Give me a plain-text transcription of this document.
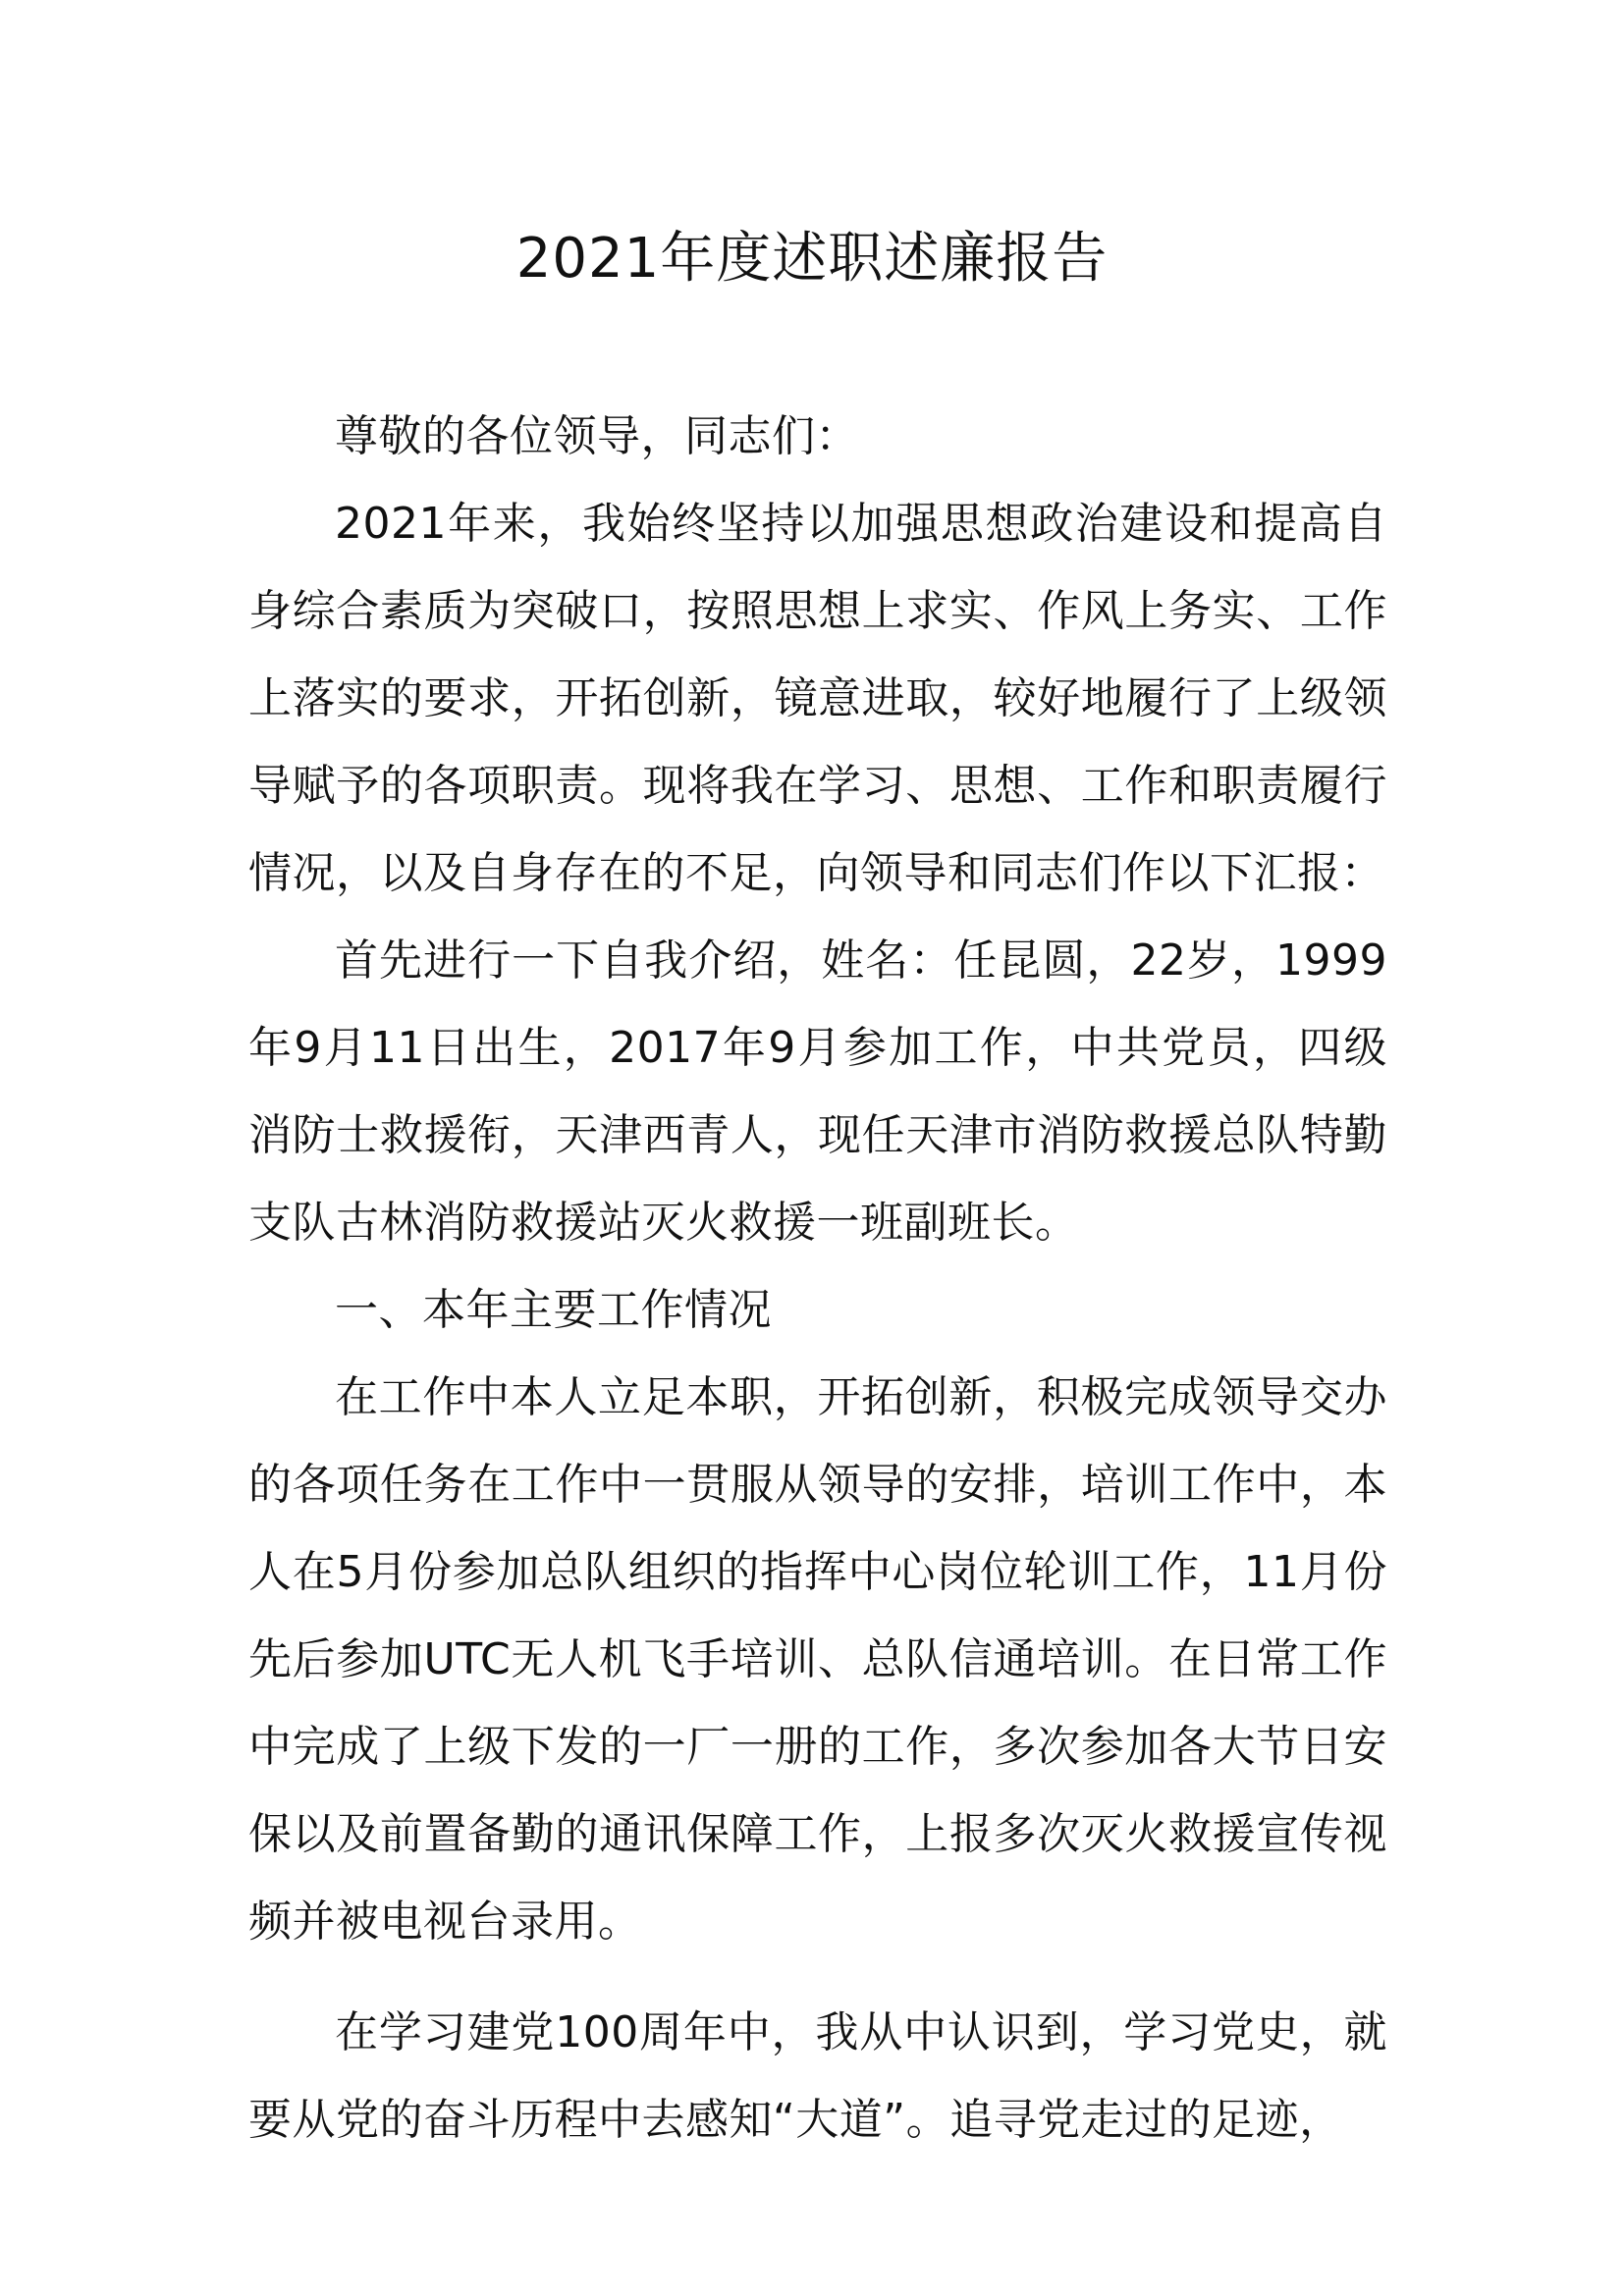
2021年度述职述廉报告

尊敬的各位领导，同志们：

2021年来，我始终坚持以加强思想政治建设和提高自身综合素质为突破口，按照思想上求实、作风上务实、工作上落实的要求，开拓创新，镜意进取，较好地履行了上级领导赋予的各项职责。现将我在学习、思想、工作和职责履行情况，以及自身存在的不足，向领导和同志们作以下汇报：

首先进行一下自我介绍，姓名：任昆圆，22岁，1999年9月11日出生，2017年9月参加工作，中共党员，四级消防士救援衔，天津西青人，现任天津市消防救援总队特勤支队古林消防救援站灭火救援一班副班长。

一、本年主要工作情况

在工作中本人立足本职，开拓创新，积极完成领导交办的各项任务在工作中一贯服从领导的安排，培训工作中，本人在5月份参加总队组织的指挥中心岗位轮训工作，11月份先后参加UTC无人机飞手培训、总队信通培训。在日常工作中完成了上级下发的一厂一册的工作，多次参加各大节日安保以及前置备勤的通讯保障工作，上报多次灭火救援宣传视频并被电视台录用。

在学习建党100周年中，我从中认识到，学习党史，就要从党的奋斗历程中去感知“大道”。追寻党走过的足迹，
